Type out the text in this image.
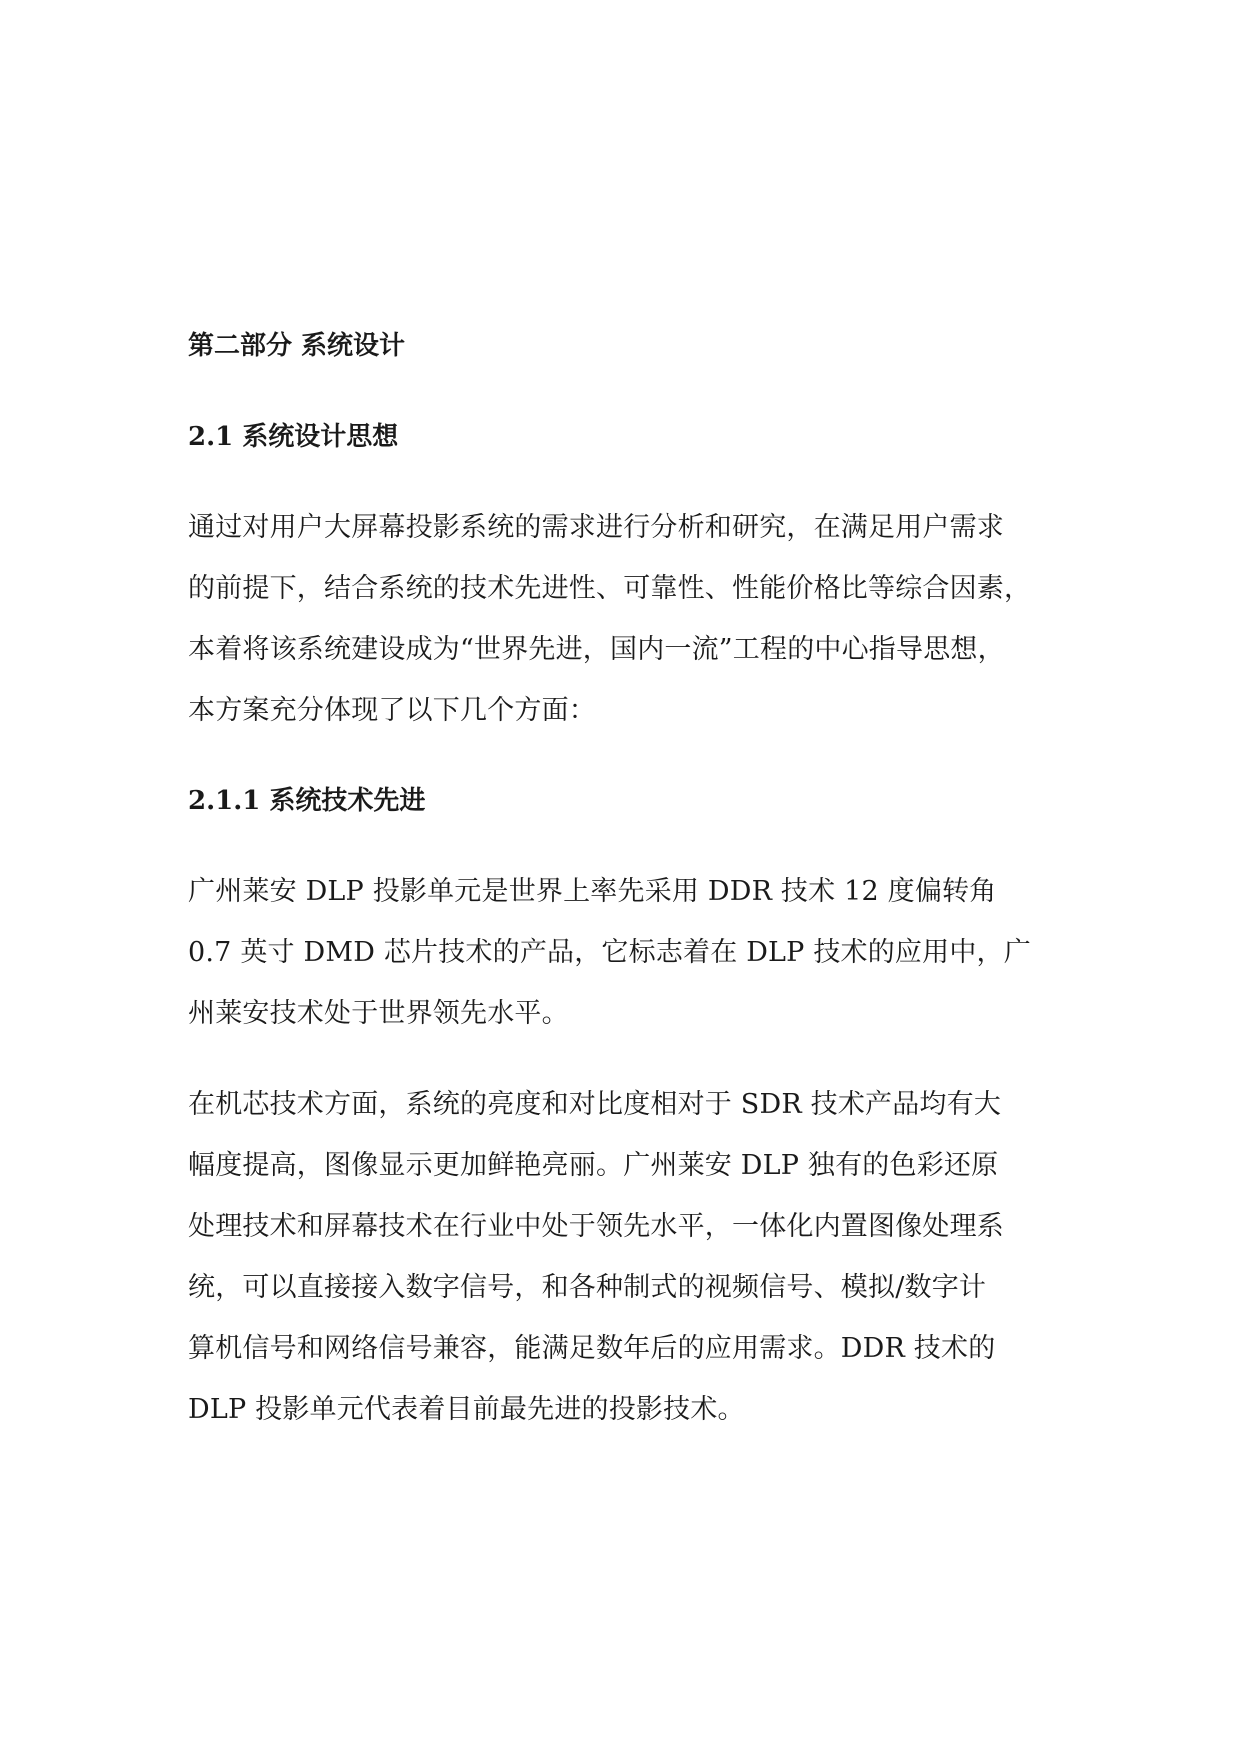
第二部分 系统设计
2.1 系统设计思想

通过对用户大屏幕投影系统的需求进行分析和研究，在满足用户需求
的前提下，结合系统的技术先进性、可靠性、性能价格比等综合因素，
本着将该系统建设成为“世界先进，国内一流”工程的中心指导思想，
本方案充分体现了以下几个方面：

2.1.1 系统技术先进

广州莱安 DLP 投影单元是世界上率先采用 DDR 技术 12 度偏转角
0.7 英寸 DMD 芯片技术的产品，它标志着在 DLP 技术的应用中，广
州莱安技术处于世界领先水平。

在机芯技术方面，系统的亮度和对比度相对于 SDR 技术产品均有大
幅度提高，图像显示更加鲜艳亮丽。广州莱安 DLP 独有的色彩还原
处理技术和屏幕技术在行业中处于领先水平，一体化内置图像处理系
统，可以直接接入数字信号，和各种制式的视频信号、模拟/数字计
算机信号和网络信号兼容，能满足数年后的应用需求。DDR 技术的
DLP 投影单元代表着目前最先进的投影技术。
